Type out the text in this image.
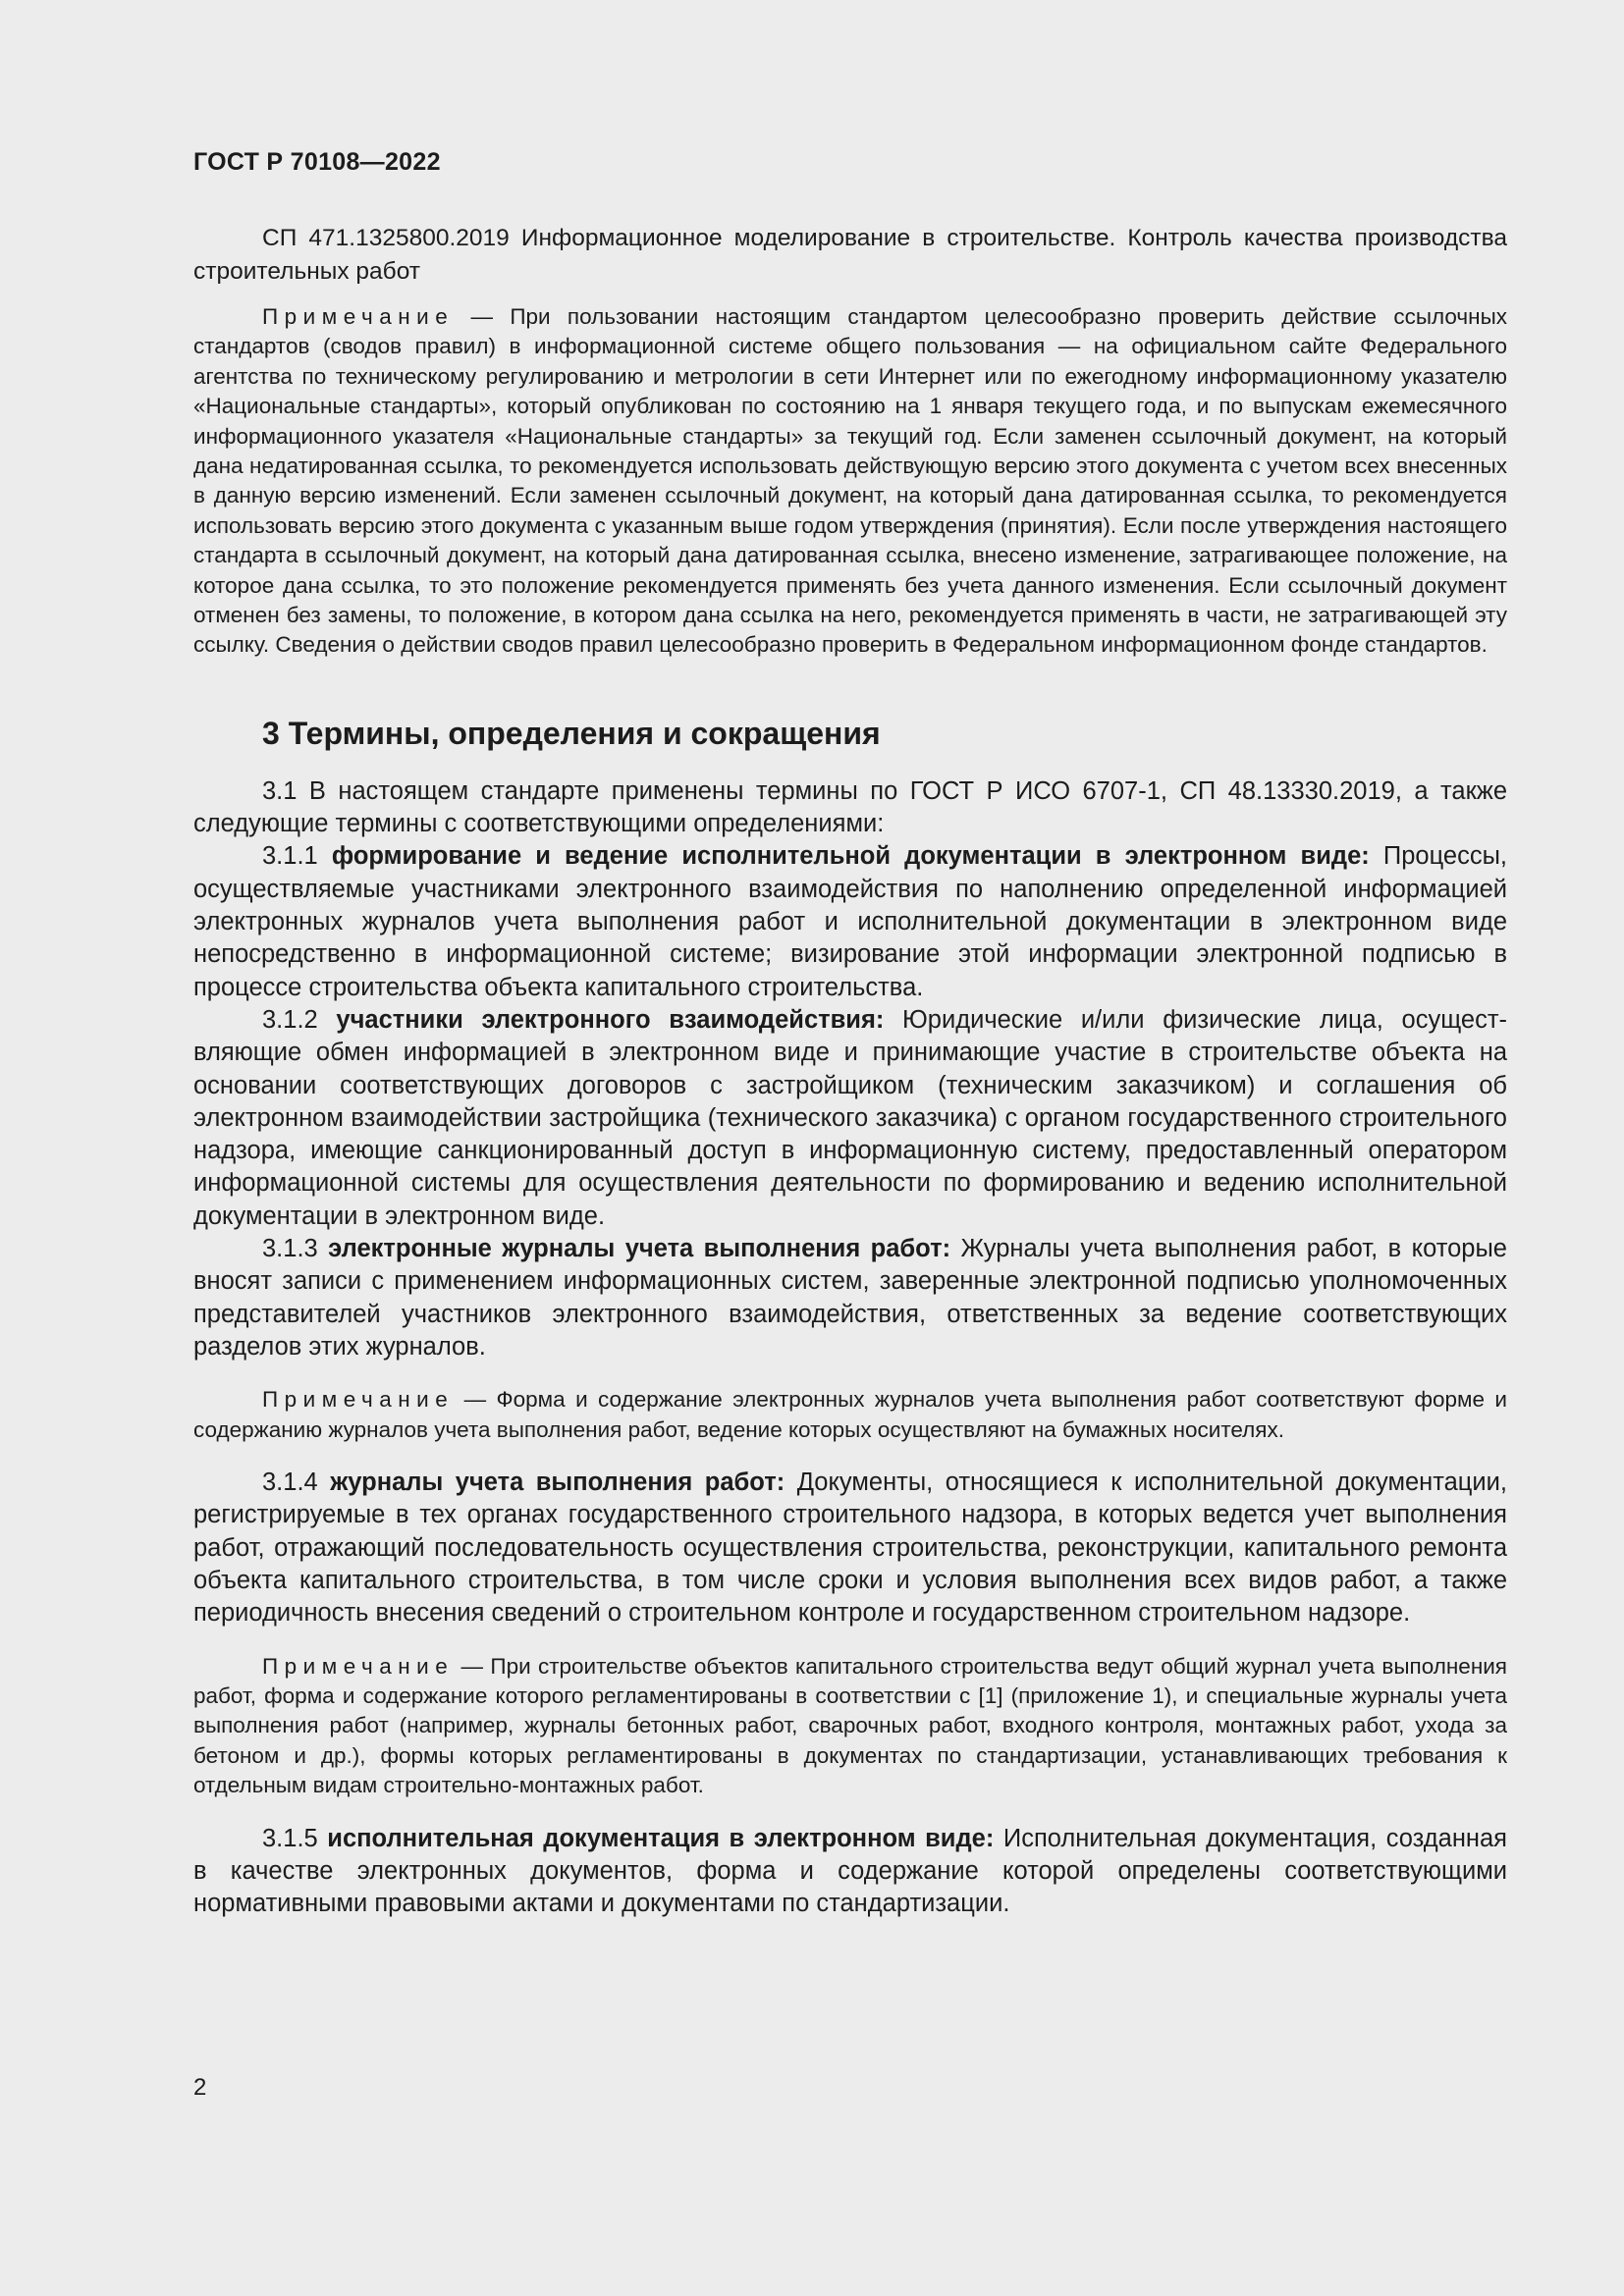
ГОСТ Р 70108—2022

СП 471.1325800.2019 Информационное моделирование в строительстве. Контроль качества производства строительных работ

Примечание — При пользовании настоящим стандартом целесообразно проверить действие ссылочных стандартов (сводов правил) в информационной системе общего пользования — на официальном сайте Федерального агентства по техническому регулированию и метрологии в сети Интернет или по ежегодному информационному указателю «Национальные стандарты», который опубликован по состоянию на 1 января текущего года, и по выпускам ежемесячного информационного указателя «Национальные стандарты» за текущий год. Если заменен ссылочный документ, на который дана недатированная ссылка, то рекомендуется использовать действующую версию этого документа с учетом всех внесенных в данную версию изменений. Если заменен ссылочный документ, на который дана датированная ссылка, то рекомендуется использовать версию этого документа с указанным выше годом утверждения (принятия). Если после утверждения настоящего стандарта в ссылочный документ, на который дана датированная ссылка, внесено изменение, затрагивающее положение, на которое дана ссылка, то это положение рекомендуется применять без учета данного изменения. Если ссылочный документ отменен без замены, то положение, в котором дана ссылка на него, рекомендуется применять в части, не затрагивающей эту ссылку. Сведения о действии сводов правил целесообразно проверить в Федеральном информационном фонде стандартов.

3 Термины, определения и сокращения

3.1 В настоящем стандарте применены термины по ГОСТ Р ИСО 6707-1, СП 48.13330.2019, а также следующие термины с соответствующими определениями:

3.1.1 формирование и ведение исполнительной документации в электронном виде: Процессы, осуществляемые участниками электронного взаимодействия по наполнению определенной информацией электронных журналов учета выполнения работ и исполнительной документации в электронном виде непосредственно в информационной системе; визирование этой информации электронной подписью в процессе строительства объекта капитального строительства.

3.1.2 участники электронного взаимодействия: Юридические и/или физические лица, осуществляющие обмен информацией в электронном виде и принимающие участие в строительстве объекта на основании соответствующих договоров с застройщиком (техническим заказчиком) и соглашения об электронном взаимодействии застройщика (технического заказчика) с органом государственного строительного надзора, имеющие санкционированный доступ в информационную систему, предоставленный оператором информационной системы для осуществления деятельности по формированию и ведению исполнительной документации в электронном виде.

3.1.3 электронные журналы учета выполнения работ: Журналы учета выполнения работ, в которые вносят записи с применением информационных систем, заверенные электронной подписью уполномоченных представителей участников электронного взаимодействия, ответственных за ведение соответствующих разделов этих журналов.

Примечание — Форма и содержание электронных журналов учета выполнения работ соответствуют форме и содержанию журналов учета выполнения работ, ведение которых осуществляют на бумажных носителях.

3.1.4 журналы учета выполнения работ: Документы, относящиеся к исполнительной документации, регистрируемые в тех органах государственного строительного надзора, в которых ведется учет выполнения работ, отражающий последовательность осуществления строительства, реконструкции, капитального ремонта объекта капитального строительства, в том числе сроки и условия выполнения всех видов работ, а также периодичность внесения сведений о строительном контроле и государственном строительном надзоре.

Примечание — При строительстве объектов капитального строительства ведут общий журнал учета выполнения работ, форма и содержание которого регламентированы в соответствии с [1] (приложение 1), и специальные журналы учета выполнения работ (например, журналы бетонных работ, сварочных работ, входного контроля, монтажных работ, ухода за бетоном и др.), формы которых регламентированы в документах по стандартизации, устанавливающих требования к отдельным видам строительно-монтажных работ.

3.1.5 исполнительная документация в электронном виде: Исполнительная документация, созданная в качестве электронных документов, форма и содержание которой определены соответствующими нормативными правовыми актами и документами по стандартизации.

2
